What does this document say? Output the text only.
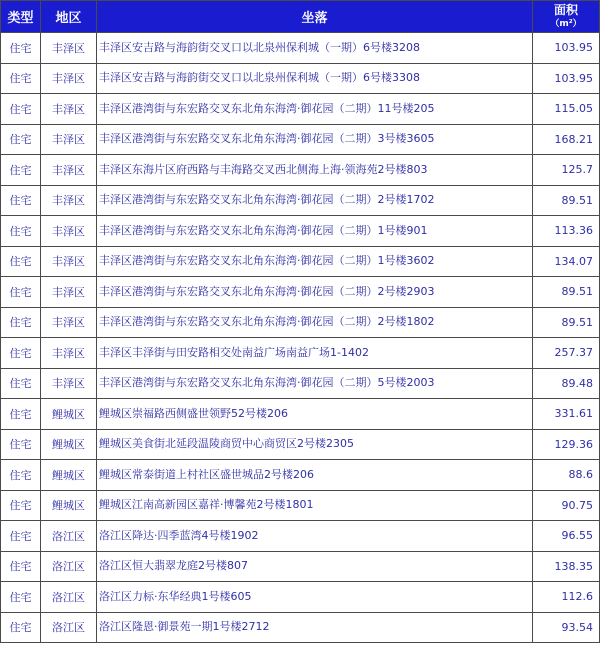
类型	地区	坐落	面积
（m²）

住宅	丰泽区	丰泽区安吉路与海韵街交叉口以北泉州保利城（一期）6号楼3208	103.95
住宅	丰泽区	丰泽区安吉路与海韵街交叉口以北泉州保利城（一期）6号楼3308	103.95
住宅	丰泽区	丰泽区港湾街与东宏路交叉东北角东海湾·御花园（二期）11号楼205	115.05
住宅	丰泽区	丰泽区港湾街与东宏路交叉东北角东海湾·御花园（二期）3号楼3605	168.21
住宅	丰泽区	丰泽区东海片区府西路与丰海路交叉西北侧海上海·领海苑2号楼803	125.7
住宅	丰泽区	丰泽区港湾街与东宏路交叉东北角东海湾·御花园（二期）2号楼1702	89.51
住宅	丰泽区	丰泽区港湾街与东宏路交叉东北角东海湾·御花园（二期）1号楼901	113.36
住宅	丰泽区	丰泽区港湾街与东宏路交叉东北角东海湾·御花园（二期）1号楼3602	134.07
住宅	丰泽区	丰泽区港湾街与东宏路交叉东北角东海湾·御花园（二期）2号楼2903	89.51
住宅	丰泽区	丰泽区港湾街与东宏路交叉东北角东海湾·御花园（二期）2号楼1802	89.51
住宅	丰泽区	丰泽区丰泽街与田安路相交处南益广场南益广场1-1402	257.37
住宅	丰泽区	丰泽区港湾街与东宏路交叉东北角东海湾·御花园（二期）5号楼2003	89.48
住宅	鲤城区	鲤城区崇福路西侧盛世领野52号楼206	331.61
住宅	鲤城区	鲤城区美食街北延段温陵商贸中心商贸区2号楼2305	129.36
住宅	鲤城区	鲤城区常泰街道上村社区盛世城品2号楼206	88.6
住宅	鲤城区	鲤城区江南高新园区嘉祥·博馨苑2号楼1801	90.75
住宅	洛江区	洛江区降达·四季蓝湾4号楼1902	96.55
住宅	洛江区	洛江区恒大翡翠龙庭2号楼807	138.35
住宅	洛江区	洛江区力标·东华经典1号楼605	112.6
住宅	洛江区	洛江区隆恩·御景苑一期1号楼2712	93.54
